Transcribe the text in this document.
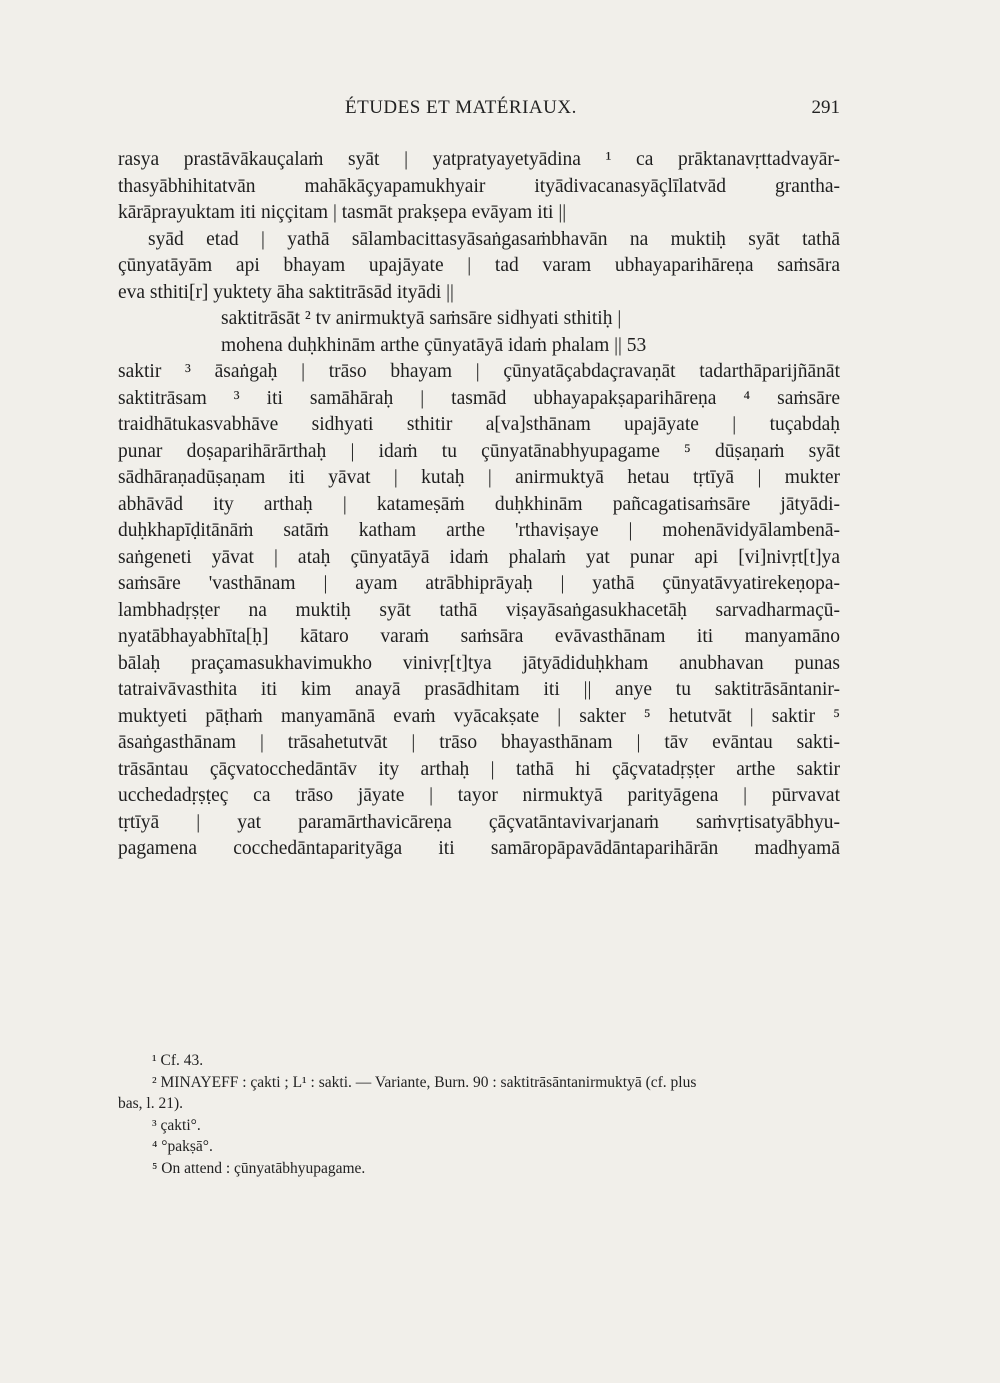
ÉTUDES ET MATÉRIAUX.	291
rasya prastāvākauçalaṁ syāt | yatpratyayetyādina ¹ ca prāktanavṛttadvayār-
thasyābhihitatvān mahākāçyapamukhyair ityādivacanasyāçlīlatvād grantha-
kārāprayuktam iti niççitam | tasmāt prakṣepa evāyam iti ||
syād etad | yathā sālambacittasyāsaṅgasaṁbhavān na muktiḥ syāt tathā
çūnyatāyām api bhayam upajāyate | tad varam ubhayaparihāreṇa saṁsāra
eva sthiti[r] yuktety āha saktitrāsād ityādi ||
saktitrāsāt ² tv anirmuktyā saṁsāre sidhyati sthitiḥ |
mohena duḥkhinām arthe çūnyatāyā idaṁ phalam || 53
saktir ³ āsaṅgaḥ | trāso bhayam | çūnyatāçabdaçravaṇāt tadarthāparijñānāt
saktitrāsam ³ iti samāhāraḥ | tasmād ubhayapakṣaparihāreṇa ⁴ saṁsāre
traidhātukasvabhāve sidhyati sthitir a[va]sthānam upajāyate | tuçabdaḥ
punar doṣaparihārārthaḥ | idaṁ tu çūnyatānabhyupagame ⁵ dūṣaṇaṁ syāt
sādhāraṇadūṣaṇam iti yāvat | kutaḥ | anirmuktyā hetau tṛtīyā | mukter
abhāvād ity arthaḥ | katameṣāṁ duḥkhinām pañcagatisaṁsāre jātyādi-
duḥkhapīḍitānāṁ satāṁ katham arthe 'rthaviṣaye | mohenāvidyālambenā-
saṅgeneti yāvat | ataḥ çūnyatāyā idaṁ phalaṁ yat punar api [vi]nivṛt[t]ya
saṁsāre 'vasthānam | ayam atrābhiprāyaḥ | yathā çūnyatāvyatirekeṇopa-
lambhadṛṣṭer na muktiḥ syāt tathā viṣayāsaṅgasukhacetāḥ sarvadharmaçū-
nyatābhayabhīta[ḥ] kātaro varaṁ saṁsāra evāvasthānam iti manyamāno
bālaḥ praçamasukhavimukho vinivṛ[t]tya jātyādiduḥkham anubhavan punas
tatraivāvasthita iti kim anayā prasādhitam iti || anye tu saktitrāsāntanir-
muktyeti pāṭhaṁ manyamānā evaṁ vyācakṣate | sakter ⁵ hetutvāt | saktir ⁵
āsaṅgasthānam | trāsahetutvāt | trāso bhayasthānam | tāv evāntau sakti-
trāsāntau çāçvatocchedāntāv ity arthaḥ | tathā hi çāçvatadṛṣṭer arthe saktir
ucchedadṛṣṭeç ca trāso jāyate | tayor nirmuktyā parityāgena | pūrvavat
tṛtīyā | yat paramārthavicāreṇa çāçvatāntavivarjanaṁ saṁvṛtisatyābhyu-
pagamena cocchedāntaparityāga iti samāropāpavādāntaparihārān madhyamā
¹ Cf. 43.
² MINAYEFF : çakti ; L¹ : sakti. — Variante, Burn. 90 : saktitrāsāntanirmuktyā (cf. plus
bas, l. 21).
³ çakti°.
⁴ °pakṣā°.
⁵ On attend : çūnyatābhyupagame.
